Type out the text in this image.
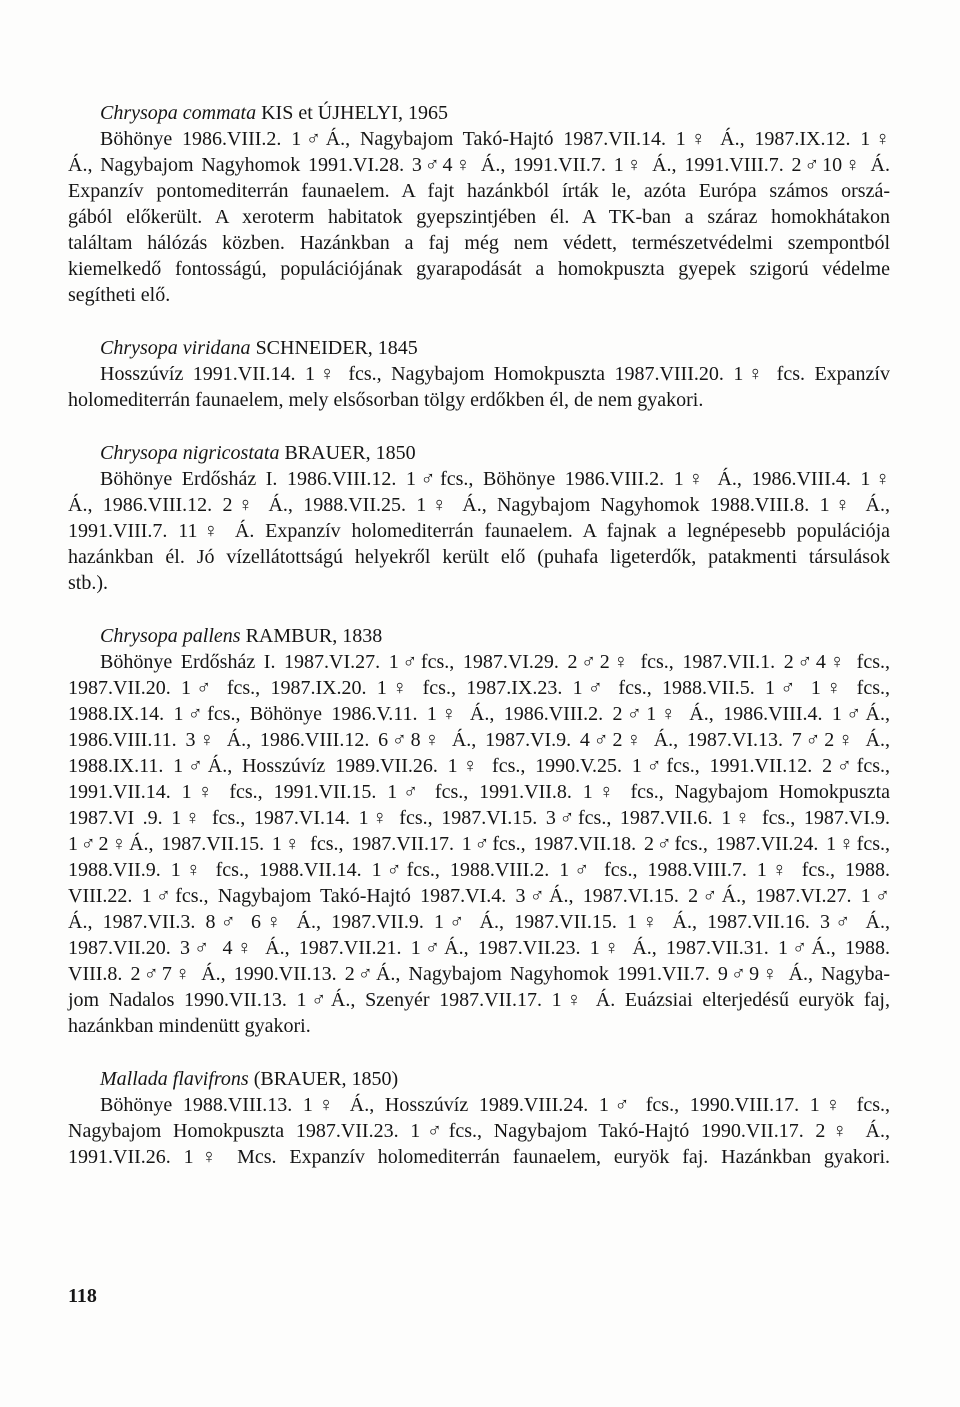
Chrysopa commata KIS et ÚJHELYI, 1965
Böhönye 1986.VIII.2. 1♂Á., Nagybajom Takó-Hajtó 1987.VII.14. 1♀ Á., 1987.IX.12. 1♀
Á., Nagybajom Nagyhomok 1991.VI.28. 3♂4♀ Á., 1991.VII.7. 1♀ Á., 1991.VIII.7. 2♂10♀ Á.
Expanzív pontomediterrán faunaelem. A fajt hazánkból írták le, azóta Európa számos orszá-
gából előkerült. A xeroterm habitatok gyepszintjében él. A TK-ban a száraz homokhátakon
találtam hálózás közben. Hazánkban a faj még nem védett, természetvédelmi szempontból
kiemelkedő fontosságú, populációjának gyarapodását a homokpuszta gyepek szigorú védelme
segítheti elő.
Chrysopa viridana SCHNEIDER, 1845
Hosszúvíz 1991.VII.14. 1♀ fcs., Nagybajom Homokpuszta 1987.VIII.20. 1♀ fcs. Expanzív
holomediterrán faunaelem, mely elsősorban tölgy erdőkben él, de nem gyakori.
Chrysopa nigricostata BRAUER, 1850
Böhönye Erdősház I. 1986.VIII.12. 1♂fcs., Böhönye 1986.VIII.2. 1♀ Á., 1986.VIII.4. 1♀
Á., 1986.VIII.12. 2♀ Á., 1988.VII.25. 1♀ Á., Nagybajom Nagyhomok 1988.VIII.8. 1♀ Á.,
1991.VIII.7. 11♀ Á. Expanzív holomediterrán faunaelem. A fajnak a legnépesebb populációja
hazánkban él. Jó vízellátottságú helyekről került elő (puhafa ligeterdők, patakmenti társulások
stb.).
Chrysopa pallens RAMBUR, 1838
Böhönye Erdősház I. 1987.VI.27. 1♂fcs., 1987.VI.29. 2♂2♀ fcs., 1987.VII.1. 2♂4♀ fcs.,
1987.VII.20. 1♂ fcs., 1987.IX.20. 1♀ fcs., 1987.IX.23. 1♂ fcs., 1988.VII.5. 1♂ 1♀ fcs.,
1988.IX.14. 1♂fcs., Böhönye 1986.V.11. 1♀ Á., 1986.VIII.2. 2♂1♀ Á., 1986.VIII.4. 1♂Á.,
1986.VIII.11. 3♀ Á., 1986.VIII.12. 6♂8♀ Á., 1987.VI.9. 4♂2♀ Á., 1987.VI.13. 7♂2♀ Á.,
1988.IX.11. 1♂Á., Hosszúvíz 1989.VII.26. 1♀ fcs., 1990.V.25. 1♂fcs., 1991.VII.12. 2♂fcs.,
1991.VII.14. 1♀ fcs., 1991.VII.15. 1♂ fcs., 1991.VII.8. 1♀ fcs., Nagybajom Homokpuszta
1987.VI .9. 1♀ fcs., 1987.VI.14. 1♀ fcs., 1987.VI.15. 3♂fcs., 1987.VII.6. 1♀ fcs., 1987.VI.9.
1♂2♀Á., 1987.VII.15. 1♀ fcs., 1987.VII.17. 1♂fcs., 1987.VII.18. 2♂fcs., 1987.VII.24. 1♀fcs.,
1988.VII.9. 1♀ fcs., 1988.VII.14. 1♂fcs., 1988.VIII.2. 1♂ fcs., 1988.VIII.7. 1♀ fcs., 1988.
VIII.22. 1♂fcs., Nagybajom Takó-Hajtó 1987.VI.4. 3♂Á., 1987.VI.15. 2♂Á., 1987.VI.27. 1♂
Á., 1987.VII.3. 8♂ 6♀ Á., 1987.VII.9. 1♂ Á., 1987.VII.15. 1♀ Á., 1987.VII.16. 3♂ Á.,
1987.VII.20. 3♂ 4♀ Á., 1987.VII.21. 1♂Á., 1987.VII.23. 1♀ Á., 1987.VII.31. 1♂Á., 1988.
VIII.8. 2♂7♀ Á., 1990.VII.13. 2♂Á., Nagybajom Nagyhomok 1991.VII.7. 9♂9♀ Á., Nagyba-
jom Nadalos 1990.VII.13. 1♂Á., Szenyér 1987.VII.17. 1♀ Á. Euázsiai elterjedésű euryök faj,
hazánkban mindenütt gyakori.
Mallada flavifrons (BRAUER, 1850)
Böhönye 1988.VIII.13. 1♀ Á., Hosszúvíz 1989.VIII.24. 1♂ fcs., 1990.VIII.17. 1♀ fcs.,
Nagybajom Homokpuszta 1987.VII.23. 1♂fcs., Nagybajom Takó-Hajtó 1990.VII.17. 2♀ Á.,
1991.VII.26. 1♀ Mcs. Expanzív holomediterrán faunaelem, euryök faj. Hazánkban gyakori.
118
